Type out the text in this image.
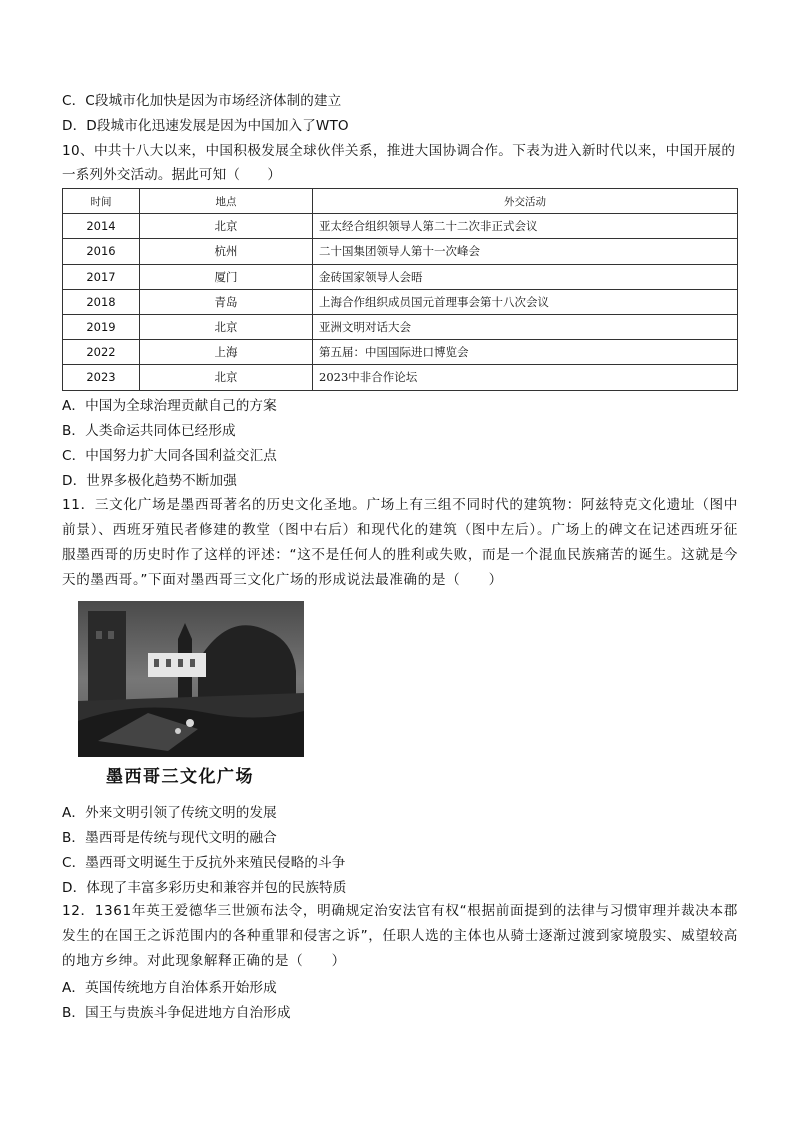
C．C段城市化加快是因为市场经济体制的建立
D．D段城市化迅速发展是因为中国加入了WTO
10、中共十八大以来，中国积极发展全球伙伴关系，推进大国协调合作。下表为进入新时代以来，中国开展的
一系列外交活动。据此可知（　　）
时间	地点	外交活动
2014	北京	亚太经合组织领导人第二十二次非正式会议
2016	杭州	二十国集团领导人第十一次峰会
2017	厦门	金砖国家领导人会晤
2018	青岛	上海合作组织成员国元首理事会第十八次会议
2019	北京	亚洲文明对话大会
2022	上海	第五届：中国国际进口博览会
2023	北京	2023中非合作论坛
A．中国为全球治理贡献自己的方案
B．人类命运共同体已经形成
C．中国努力扩大同各国利益交汇点
D．世界多极化趋势不断加强
11．三文化广场是墨西哥著名的历史文化圣地。广场上有三组不同时代的建筑物：阿兹特克文化遗址（图中前景）、西班牙殖民者修建的教堂（图中右后）和现代化的建筑（图中左后）。广场上的碑文在记述西班牙征服墨西哥的历史时作了这样的评述：“这不是任何人的胜利或失败，而是一个混血民族痛苦的诞生。这就是今天的墨西哥。”下面对墨西哥三文化广场的形成说法最准确的是（　　）
墨西哥三文化广场
A．外来文明引领了传统文明的发展
B．墨西哥是传统与现代文明的融合
C．墨西哥文明诞生于反抗外来殖民侵略的斗争
D．体现了丰富多彩历史和兼容并包的民族特质
12．1361年英王爱德华三世颁布法令，明确规定治安法官有权“根据前面提到的法律与习惯审理并裁决本郡发生的在国王之诉范围内的各种重罪和侵害之诉”，任职人选的主体也从骑士逐渐过渡到家境殷实、威望较高的地方乡绅。对此现象解释正确的是（　　）
A．英国传统地方自治体系开始形成
B．国王与贵族斗争促进地方自治形成
